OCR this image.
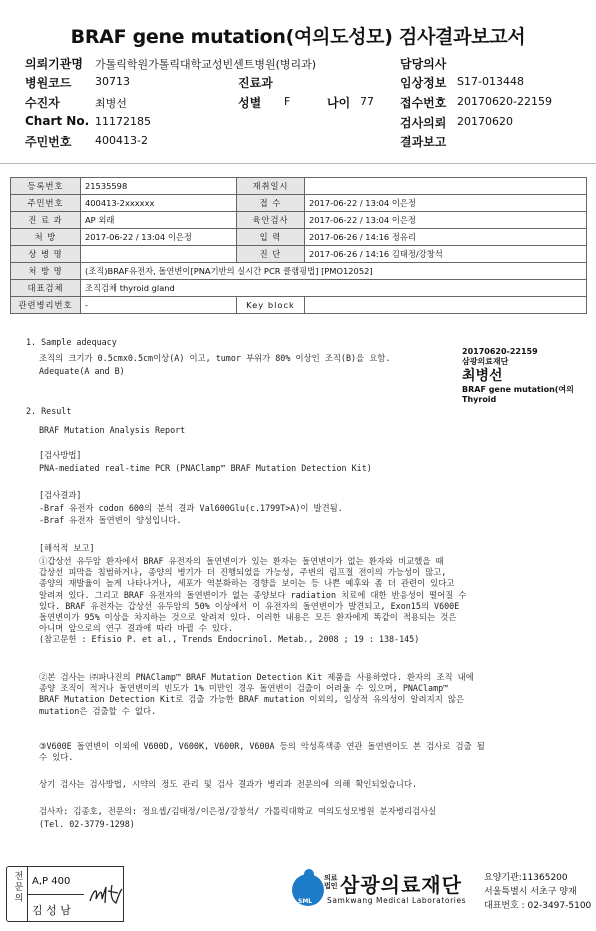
BRAF gene mutation(여의도성모) 검사결과보고서
의뢰기관명 가톨릭학원가톨릭대학교성빈센트병원(병리과)	담당의사
병원코드 30713	진료과	임상정보 S17-013448
수진자	최병선	성별 F	나이 77 접수번호 20170620-22159
Chart No. 11172185	검사의뢰 20170620
주민번호 400413-2	결과보고
등록번호	21535598	재취일시	
주민번호	400413-2xxxxxx	접 수	2017-06-22 / 13:04 이은정
진 료 과	AP 외래	육안검사	2017-06-22 / 13:04 이은정
처 방	2017-06-22 / 13:04 이은정	입 력	2017-06-26 / 14:16 정유리
상 병 명		진 단	2017-06-26 / 14:16 김태정/강창석
처 방 명	(조직)BRAF유전자, 돌연변이[PNA기반의 실시간 PCR 클램핑법] [PMO12052]		
대표검체	조직검체 thyroid gland		
관련병리번호	-	Key block	
20170620-22159
삼광의료재단
최병선
BRAF gene mutation(여의
Thyroid
1. Sample adequacy
조직의 크기가 0.5cmx0.5cm이상(A) 이고, tumor 부위가 80% 이상인 조직(B)을 요함.
Adequate(A and B)
2. Result
BRAF Mutation Analysis Report
[검사방법]
PNA-mediated real-time PCR (PNAClamp™ BRAF Mutation Detection Kit)
[검사결과]
-Braf 유전자 codon 600의 분석 결과 Val600Glu(c.1799T>A)이 발견됨.
-Braf 유전자 돌연변이 양성입니다.
[해석적 보고]
①갑상선 유두암 환자에서 BRAF 유전자의 돌연변이가 있는 환자는 돌연변이가 없는 환자와 비교했을 때
갑상선 피막을 침범하거나, 종양의 병기가 더 진행되었을 가능성, 주변의 림프절 전이의 가능성이 많고,
종양의 재발율이 높게 나타나거나, 세포가 역분화하는 경향을 보이는 등 나쁜 예후와 좀 더 관련이 있다고
알려져 있다. 그리고 BRAF 유전자의 돌연변이가 없는 종양보다 radiation 치료에 대한 반응성이 떨어질 수
있다. BRAF 유전자는 갑상선 유두암의 50% 이상에서 이 유전자의 돌연변이가 발견되고, Exon15의 V600E
돌연변이가 95% 이상을 차지하는 것으로 알려져 있다. 이러한 내용은 모든 환자에게 똑같이 적용되는 것은
아니며 앞으로의 연구 결과에 따라 바뀔 수 있다.
(참고문헌 : Efisio P. et al., Trends Endocrinol. Metab., 2008 ; 19 : 138-145)
②본 검사는 ㈜파나진의 PNAClamp™ BRAF Mutation Detection Kit 제품을 사용하였다. 환자의 조직 내에
종양 조직이 적거나 돌연변이의 빈도가 1% 미만인 경우 돌연변이 검출이 어려울 수 있으며, PNAClamp™
BRAF Mutation Detection Kit로 검출 가능한 BRAF mutation 이외의, 임상적 유의성이 알려지지 않은
mutation은 검출할 수 없다.
③V600E 돌연변이 이외에 V600D, V600K, V600R, V600A 등의 악성흑색종 연관 돌연변이도 본 검사로 검출 될
수 있다.
상기 검사는 검사방법, 시약의 정도 관리 및 검사 결과가 병리과 전문의에 의해 확인되었습니다.
검사자: 김종호, 전문의: 정요셉/김태정/이은정/강창석/ 가톨릭대학교 여의도성모병원 분자병리검사실
(Tel. 02-3779-1298)
전문의 A,P 400
김 성 남
SML
의료
법인 삼광의료재단
Samkwang Medical Laboratories
요양기관:11365200
서울특별시 서초구 양재
대표번호 : 02-3497-5100
